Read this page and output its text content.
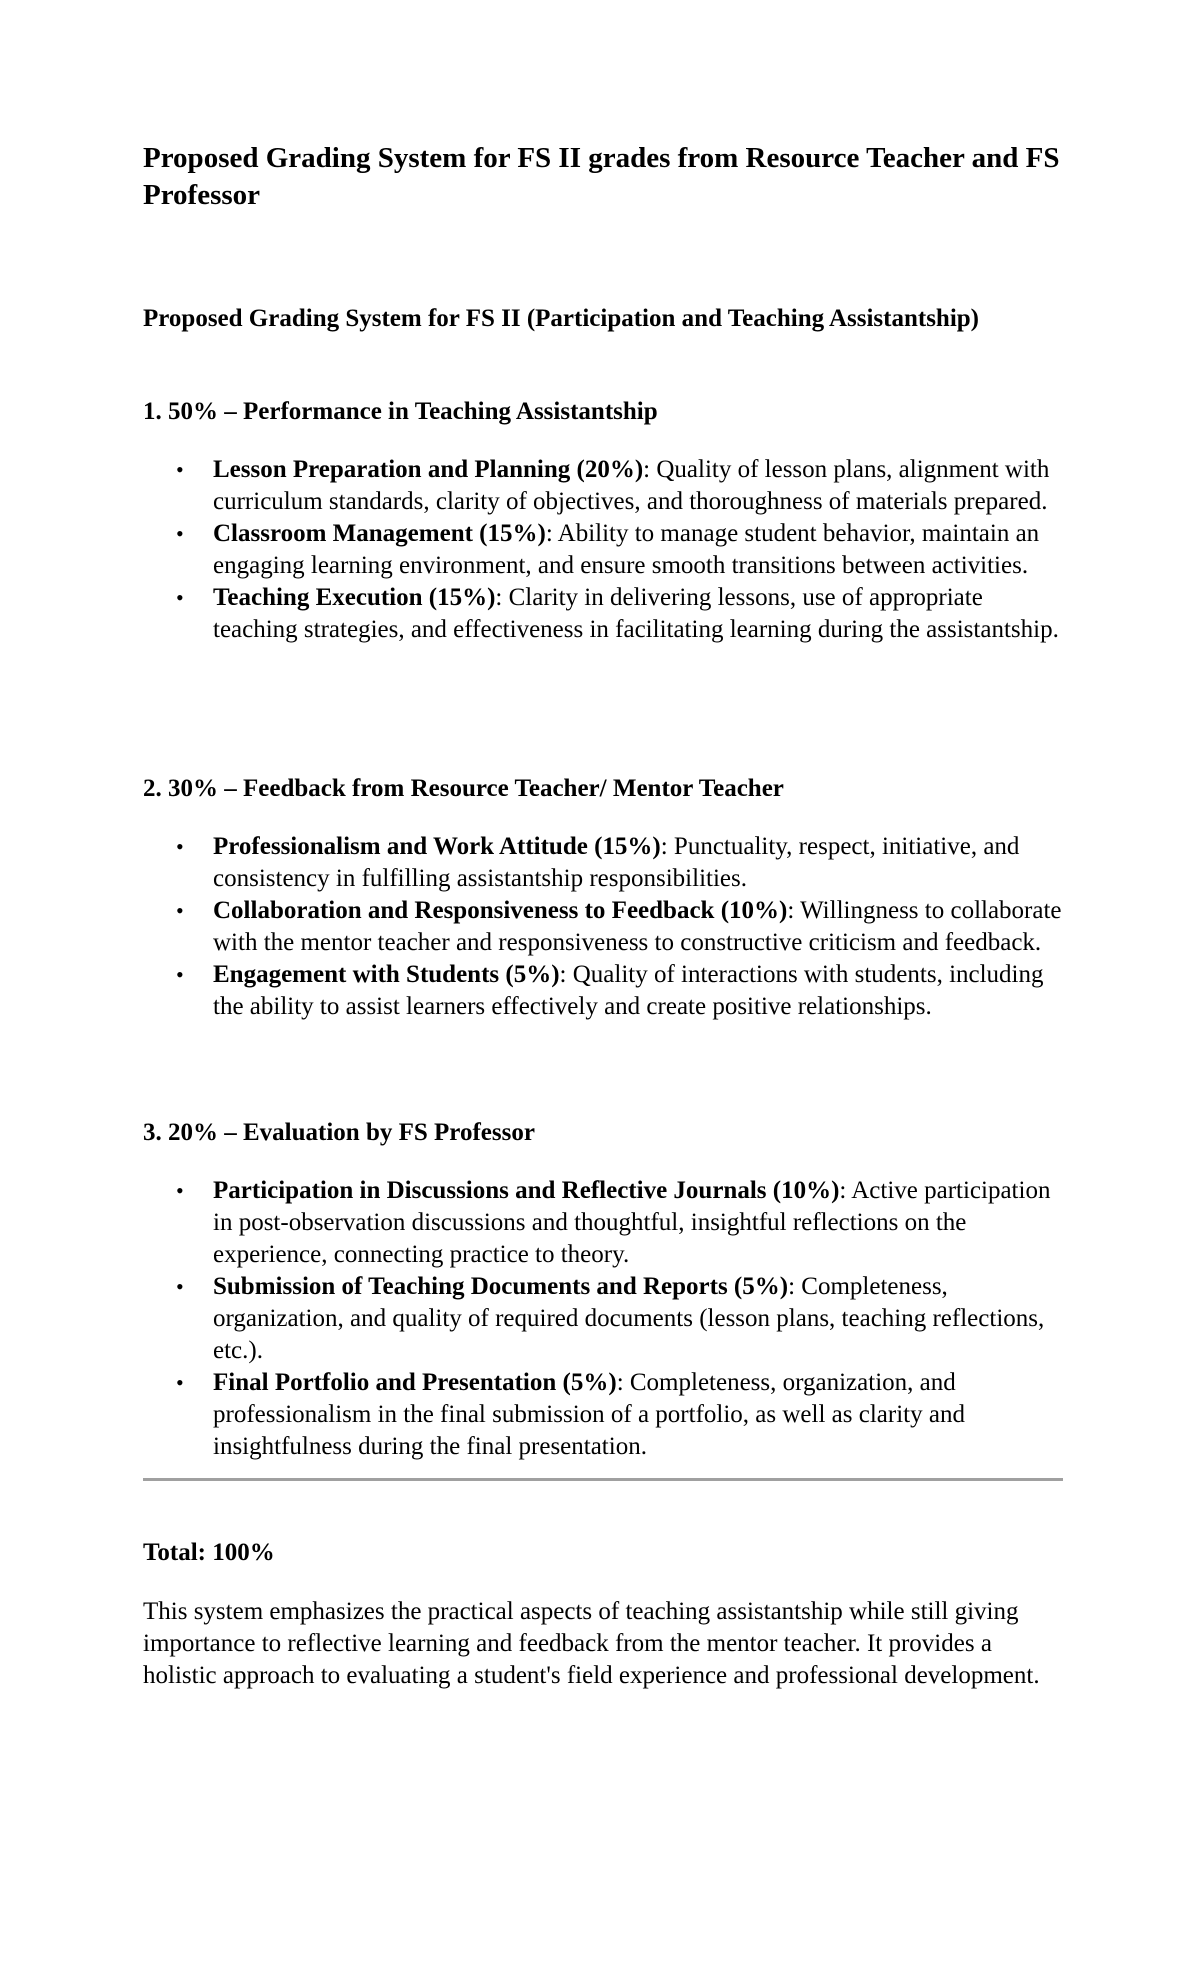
Proposed Grading System for FS II grades from Resource Teacher and FS Professor
Proposed Grading System for FS II (Participation and Teaching Assistantship)
1. 50% – Performance in Teaching Assistantship
• Lesson Preparation and Planning (20%): Quality of lesson plans, alignment with curriculum standards, clarity of objectives, and thoroughness of materials prepared.
• Classroom Management (15%): Ability to manage student behavior, maintain an engaging learning environment, and ensure smooth transitions between activities.
• Teaching Execution (15%): Clarity in delivering lessons, use of appropriate teaching strategies, and effectiveness in facilitating learning during the assistantship.
2. 30% – Feedback from Resource Teacher/ Mentor Teacher
• Professionalism and Work Attitude (15%): Punctuality, respect, initiative, and consistency in fulfilling assistantship responsibilities.
• Collaboration and Responsiveness to Feedback (10%): Willingness to collaborate with the mentor teacher and responsiveness to constructive criticism and feedback.
• Engagement with Students (5%): Quality of interactions with students, including the ability to assist learners effectively and create positive relationships.
3. 20% – Evaluation by FS Professor
• Participation in Discussions and Reflective Journals (10%): Active participation in post-observation discussions and thoughtful, insightful reflections on the experience, connecting practice to theory.
• Submission of Teaching Documents and Reports (5%): Completeness, organization, and quality of required documents (lesson plans, teaching reflections, etc.).
• Final Portfolio and Presentation (5%): Completeness, organization, and professionalism in the final submission of a portfolio, as well as clarity and insightfulness during the final presentation.

Total: 100%

This system emphasizes the practical aspects of teaching assistantship while still giving importance to reflective learning and feedback from the mentor teacher. It provides a holistic approach to evaluating a student's field experience and professional development.
